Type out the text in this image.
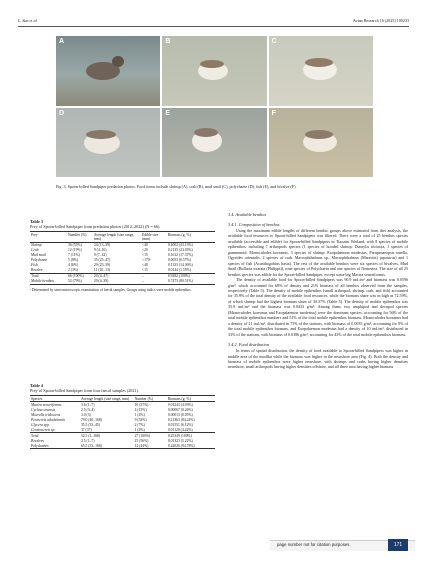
L. Sun et al.	Avian Research 16 (2025) 100233
A	B	C
D	E	F
Fig. 3. Spoon-billed Sandpiper predation photos. Food items include shrimp (A), crab (B), mud snail (C), polychaete (D), fish (E), and bivalve (F).
Table 3
Prey of Spoon-billed Sandpiper from predation photos (2012–2022) (N = 66).
Prey	Number (%)	Average length (size range, mm)	Edible size (mm)	Biomass (g, %)
Shrimp	36 (55%)	24 (13–39)	<40	0.4002 (43.13%)
Crab	12 (19%)	9 (4–16)	<20	0.2135 (23.03%)
Mud snail	7 (11%)	9 (7–12)	<15	0.1612 (17.37%)
Polychaete	5 (8%)	35 (25–47)	<170ᵃ	0.0053 (0.57%)
Fish	4 (6%)	29 (23–39)	<40	0.1333 (14.36%)
Bivalve	2 (3%)	11 (10–13)	<15	0.0144 (1.55%)
Total	66 (100%)	20 (4–47)	–	0.9282 (100%)
Mobile benthos	52 (79%)	20 (4–39)	–	0.7473 (80.51%)
ᵃ Determined by stereomicroscopic examination of faecal samples. Groups using italics were mobile epibenthos.
Table 4
Prey of Spoon-billed Sandpiper from four faecal samples (2021).
Species	Average length (size range, mm)	Number (%)	Biomass (g, %)
Mactra veneriformis	3.6 (1–7)	10 (37%)	0.01243 (4.93%)
Cyclina sinensis	2.5 (3–4)	4 (15%)	0.00067 (0.26%)
Moerella iridescens	3.0 (3)	1 (4%)	0.00013 (0.05%)
Perinereis aibuhitensis	79.0 (40–168)	9 (33%)	0.21363 (84.24%)
Glycera spp.	35.5 (33–45)	2 (7%)	0.01551 (6.12%)
Ceratonereis sp.	37 (37)	1 (4%)	0.01120 (4.42%)
Total	32.5 (1–168)	27 (100%)	0.25349 (100%)
Bivalves	3.5 (1–7)	15 (56%)	0.01323 (5.22%)
Polychaetes	65.5 (33–168)	12 (44%)	0.24026 (94.78%)
3.4. Available benthos
3.4.1. Composition of benthos

Using the maximum edible lengths of different benthic groups above estimated from diet analysis, the available food resources to Spoon-billed Sandpipers was filtered. There were a total of 25 benthos species available (accessible and edible) for Spoon-billed Sandpipers in Tiaozini Wetland, with 8 species of mobile epibenthos, including 7 arthropods species (1 species of hooded shrimp: Diastylis tricincta, 1 species of gammaroid: Monoculodes koreanus, 3 species of shrimp: Exopalaemon modestus, Parapenaeopsis tenella, Ogyrides orientalis, 2 species of crab: Macrophthalmus sp., Macrophthalmus (Mareotis) japonicus) and 1 species of fish (Acanthogobius hasta). The rest of the available benthos were six species of bivalves, Mud Snail (Bullacta exarata (Philippi)), nine species of Polychaeta and one species of Nemertea. The size of all 25 benthos species was edible for the Spoon-billed Sandpiper, except some big Mactra veneriformis.

The density of available food for Spoon-billed Sandpipers was 90.9 ind./m² and biomass was 0.0596 g/m², which accounted for 68% of density and 21% biomass of all benthos observed from the samples, respectively (Table 5). The density of mobile epibenthos (small arthropod, shrimp, crab, and fish) accounted for 35.9% of the total density of the available food resources, while the biomass share was as high as 72.59%, of which shrimp had the highest biomass share of 30.37% (Table 5). The density of mobile epibenthos was 35.9 ind./m² and the biomass was 0.0433 g/m². Among them, two amphipod and decapod species (Monoculodes koreanus and Exopalaemon modestus) were the dominant species, accounting for 56% of the total mobile epibenthos numbers and 51% of the total mobile epibenthos biomass. Monoculodes koreanus had a density of 21 ind./m², distributed in 73% of the stations, with biomass of 0.0035 g/m², accounting for 9% of the total mobile epibenthos biomass, and Exopalaemon modestus had a density of 10 ind./m², distributed in 33% of the stations, with biomass of 0.0186 g/m², accounting for 43% of the total mobile epibenthos biomass.

3.4.2. Food distribution

In terms of spatial distribution, the density of food available to Spoon-billed Sandpipers was higher in middle area of the mudflat while the biomass was higher in the nearshore area (Fig. 4). Both the density and biomass of mobile epibenthos were higher nearshore, with shrimps and crabs having higher densities nearshore, small arthropods having higher densities offshore, and all three taxa having higher biomass

page number not for citation purposes	171
